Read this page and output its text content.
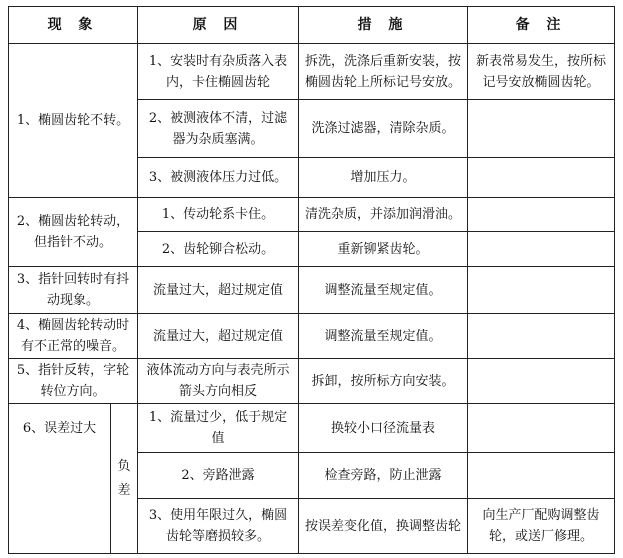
现 象		原 因	措 施	备 注
1、椭圆齿轮不转。		1、安装时有杂质落入表内，卡住椭圆齿轮	拆洗，洗涤后重新安装，按椭圆齿轮上所标记号安放。	新表常易发生，按所标记号安放椭圆齿轮。
		2、被测液体不清，过滤器为杂质塞满。	洗涤过滤器，清除杂质。	
		3、被测液体压力过低。	增加压力。	
2、椭圆齿轮转动，但指针不动。		1、传动轮系卡住。	清洗杂质，并添加润滑油。	
		2、齿轮铆合松动。	重新铆紧齿轮。	
3、指针回转时有抖动现象。		流量过大，超过规定值	调整流量至规定值。	
4、椭圆齿轮转动时有不正常的噪音。		流量过大，超过规定值	调整流量至规定值。	
5、指针反转，字轮转位方向。		液体流动方向与表壳所示箭头方向相反	拆卸，按所标方向安装。	
6、误差过大	负差	1、流量过少，低于规定值	换较小口径流量表	
		2、旁路泄露	检查旁路，防止泄露	
		3、使用年限过久，椭圆齿轮等磨损较多。	按误差变化值，换调整齿轮	向生产厂配购调整齿轮，或送厂修理。
